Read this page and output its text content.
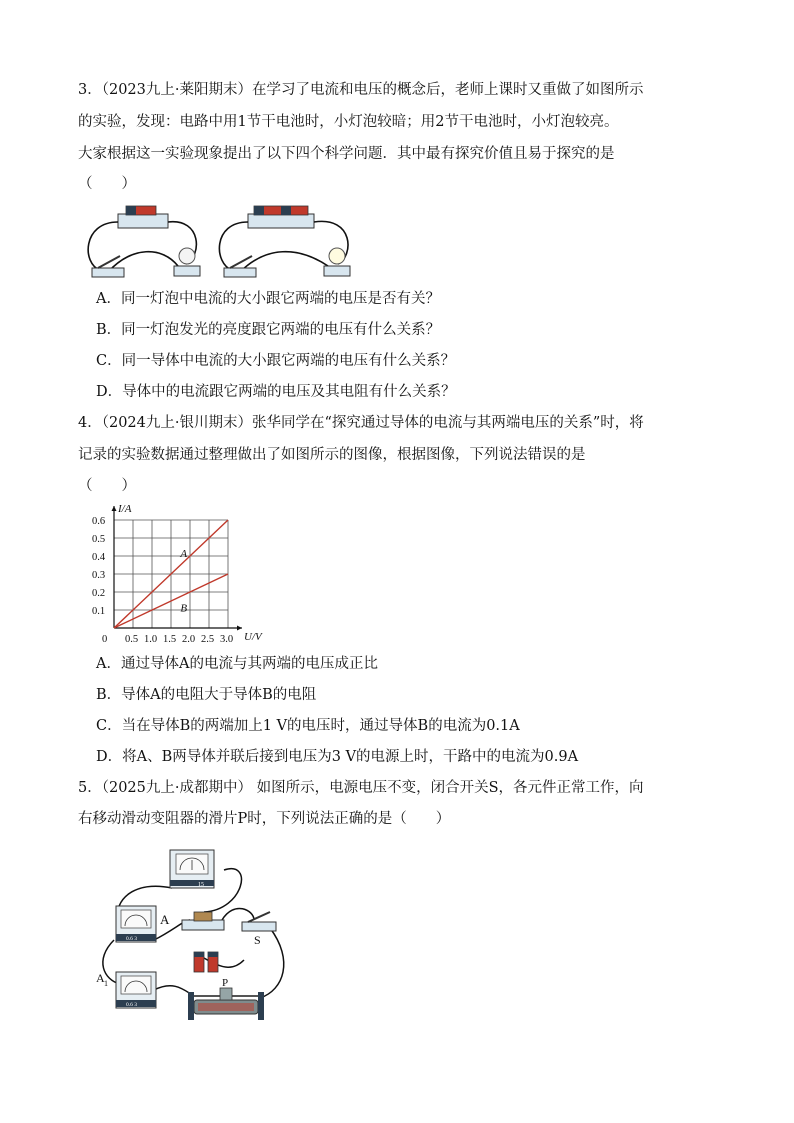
3．（2023九上·莱阳期末）在学习了电流和电压的概念后，老师上课时又重做了如图所示
的实验，发现：电路中用1节干电池时，小灯泡较暗；用2节干电池时，小灯泡较亮。
大家根据这一实验现象提出了以下四个科学问题．其中最有探究价值且易于探究的是
（　　）
A．同一灯泡中电流的大小跟它两端的电压是否有关？
B．同一灯泡发光的亮度跟它两端的电压有什么关系？
C．同一导体中电流的大小跟它两端的电压有什么关系？
D．导体中的电流跟它两端的电压及其电阻有什么关系？
4．（2024九上·银川期末）张华同学在“探究通过导体的电流与其两端电压的关系”时，将
记录的实验数据通过整理做出了如图所示的图像，根据图像，下列说法错误的是
（　　）
A
B
U/V
I/A
0 0.5 1.0 1.5 2.0 2.5 3.0
0.1
0.2
0.3
0.4
0.5
0.6
A．通过导体A的电流与其两端的电压成正比
B．导体A的电阻大于导体B的电阻
C．当在导体B的两端加上1 V的电压时，通过导体B的电流为0.1A
D．将A、B两导体并联后接到电压为3 V的电源上时，干路中的电流为0.9A
5．（2025九上·成都期中） 如图所示，电源电压不变，闭合开关S，各元件正常工作，向
右移动滑动变阻器的滑片P时，下列说法正确的是（　　）
15
0.6 3
A
S
0.6 3
A 1	P
